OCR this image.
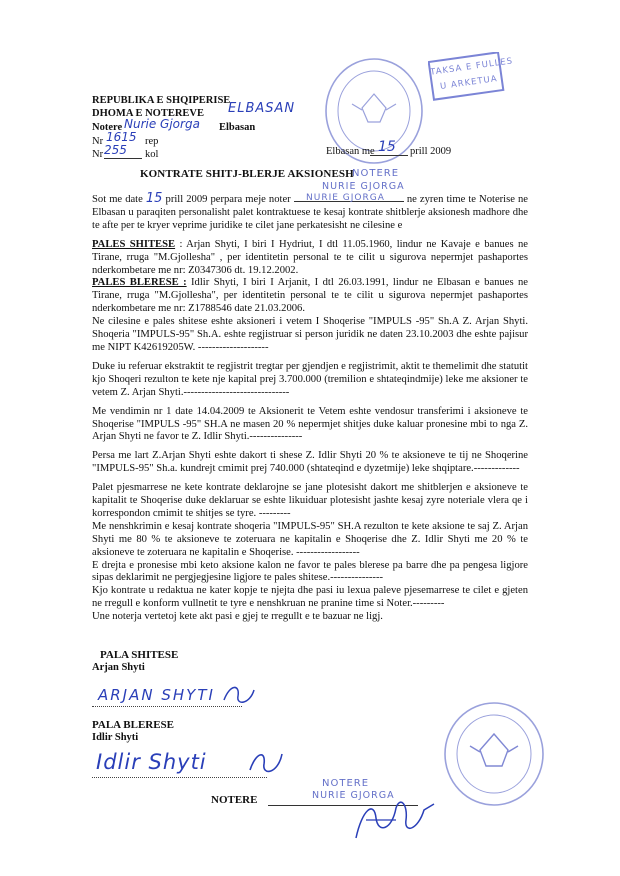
TAKSA E FULLES
U ARKETUA
REPUBLIKA E SHQIPERISE
DHOMA E NOTEREVE ELBASAN
Notere Nurie Gjorga Elbasan
Nr 1615 rep
Nr 255 kol	Elbasan me 15 prill 2009
KONTRATE SHITJ-BLERJE AKSIONESH
NOTERE
NURIE GJORGA

Sot me date 15 prill 2009 perpara meje noter	ne zyren time te Noterise ne Elbasan u paraqiten personalisht palet kontraktuese te kesaj kontrate shitblerje aksionesh madhore dhe te afte per te kryer veprime juridike te cilet jane perkatesisht ne cilesine e

PALES SHITESE : Arjan Shyti, I biri I Hydriut, I dtl 11.05.1960, lindur ne Kavaje e banues ne Tirane, rruga "M.Gjollesha" , per identitetin personal te te cilit u sigurova nepermjet pashaportes nderkombetare me nr: Z0347306 dt. 19.12.2002.

PALES BLERESE : Idlir Shyti, I biri I Arjanit, I dtl 26.03.1991, lindur ne Elbasan e banues ne Tirane, rruga "M.Gjollesha", per identitetin personal te te cilit u sigurova nepermjet pashaportes nderkombetare me nr: Z1788546 date 21.03.2006.

Ne cilesine e pales shitese eshte aksioneri i vetem I Shoqerise "IMPULS -95" Sh.A Z. Arjan Shyti. Shoqeria "IMPULS-95" Sh.A. eshte regjistruar si person juridik ne daten 23.10.2003 dhe eshte pajisur me NIPT K42619205W. --------------------

Duke iu referuar ekstraktit te regjistrit tregtar per gjendjen e regjistrimit, aktit te themelimit dhe statutit kjo Shoqeri rezulton te kete nje kapital prej 3.700.000 (tremilion e shtateqindmije) leke me aksioner te vetem Z. Arjan Shyti.------------------------------

Me vendimin nr 1 date 14.04.2009 te Aksionerit te Vetem eshte vendosur transferimi i aksioneve te Shoqerise "IMPULS -95" SH.A ne masen 20 % nepermjet shitjes duke kaluar pronesine mbi to nga Z. Arjan Shyti ne favor te Z. Idlir Shyti.---------------

Persa me lart Z.Arjan Shyti eshte dakort ti shese Z. Idlir Shyti 20 % te aksioneve te tij ne Shoqerine "IMPULS-95" Sh.a. kundrejt cmimit prej 740.000 (shtateqind e dyzetmije) leke shqiptare.-------------

Palet pjesmarrese ne kete kontrate deklarojne se jane plotesisht dakort me shitblerjen e aksioneve te kapitalit te Shoqerise duke deklaruar se eshte likuiduar plotesisht jashte kesaj zyre noteriale vlera qe i korrespondon cmimit te shitjes se tyre. ---------

Me nenshkrimin e kesaj kontrate shoqeria "IMPULS-95" SH.A rezulton te kete aksione te saj Z. Arjan Shyti me 80 % te aksioneve te zoteruara ne kapitalin e Shoqerise dhe Z. Idlir Shyti me 20 % te aksioneve te zoteruara ne kapitalin e Shoqerise. ------------------

E drejta e pronesise mbi keto aksione kalon ne favor te pales blerese pa barre dhe pa pengesa ligjore sipas deklarimit ne pergjegjesine ligjore te pales shitese.---------------

Kjo kontrate u redaktua ne kater kopje te njejta dhe pasi iu lexua paleve pjesemarrese te cilet e gjeten ne rregull e konform vullnetit te tyre e nenshkruan ne pranine time si Noter.---------

Une noterja vertetoj kete akt pasi e gjej te rregullt e te bazuar ne ligj.

NURIE GJORGA
PALA SHITESE
Arjan Shyti
ARJAN SHYTI
PALA BLERESE
Idlir Shyti
Idlir Shyti
NOTERE
NOTERE	NURIE GJORGA
